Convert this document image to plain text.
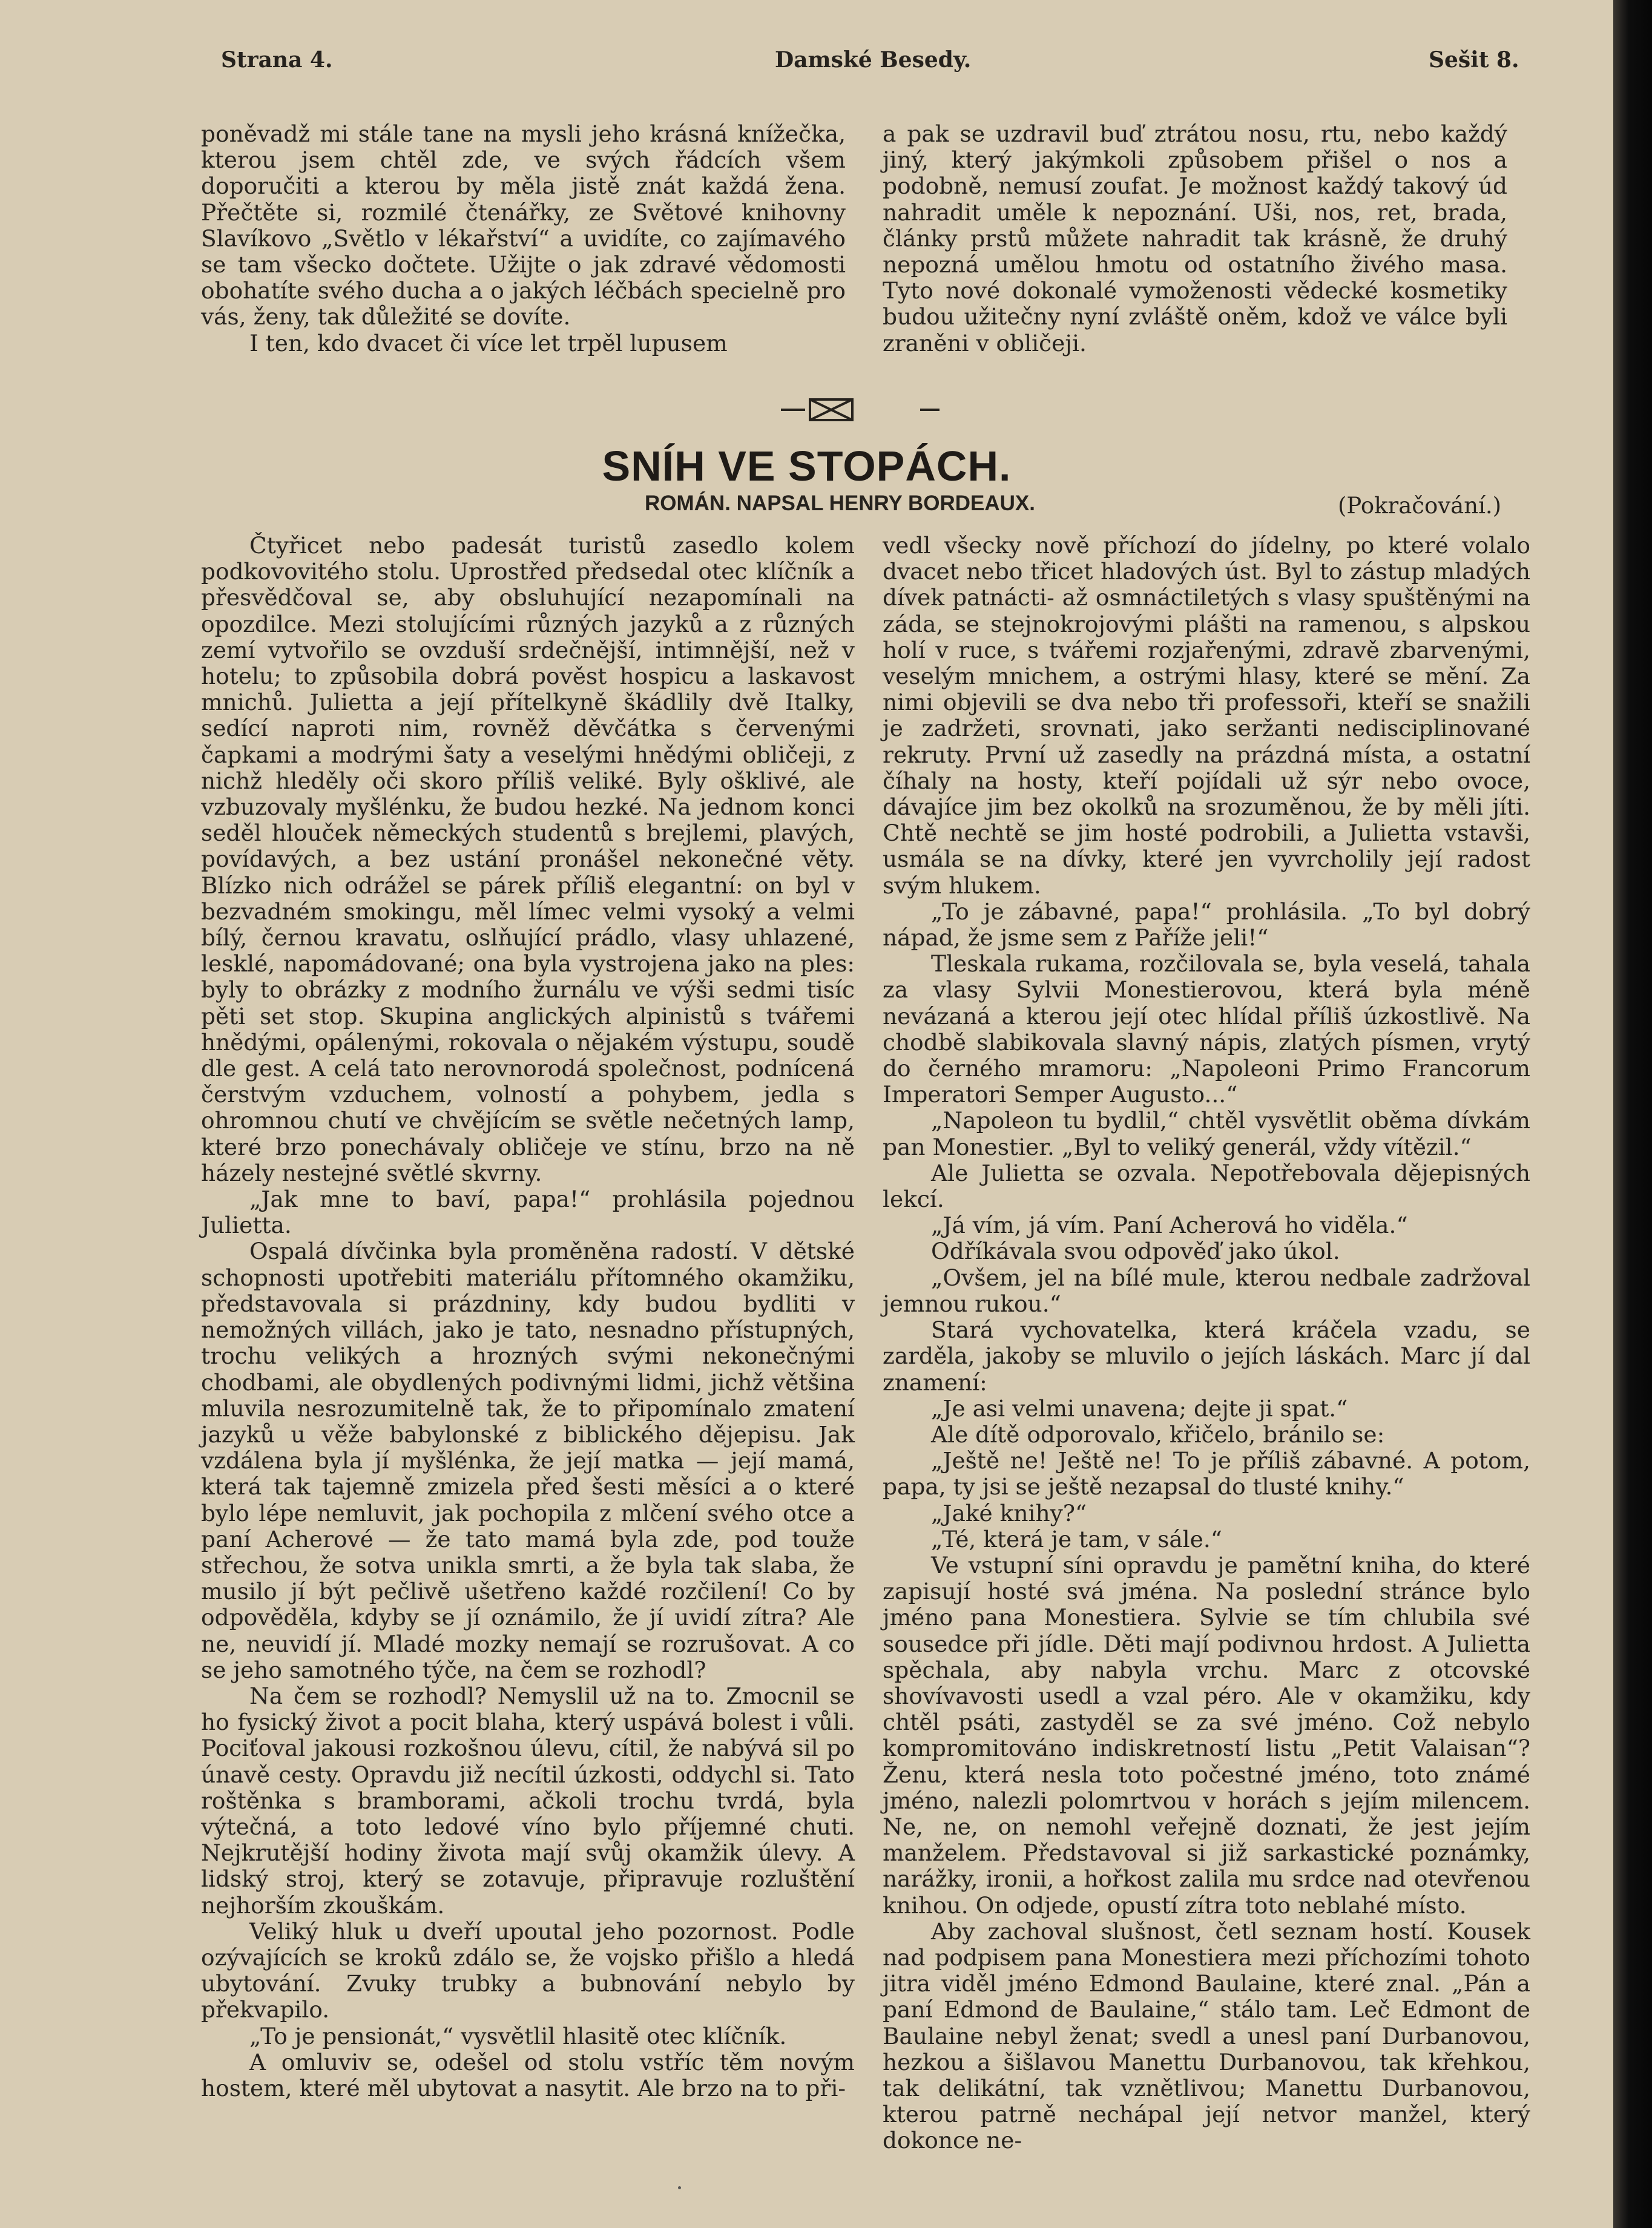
Strana 4.	Damské Besedy.	Sešit 8.

poněvadž mi stále tane na mysli jeho krásná knížečka, kterou jsem chtěl zde, ve svých řádcích všem doporučiti a kterou by měla jistě znát každá žena. Přečtěte si, rozmilé čtenářky, ze Světové knihovny Slavíkovo „Světlo v lékařství“ a uvidíte, co zajímavého se tam všecko dočtete. Užijte o jak zdravé vědomosti obohatíte svého ducha a o jakých léčbách specielně pro vás, ženy, tak důležité se dovíte.

I ten, kdo dvacet či více let trpěl lupusem

a pak se uzdravil buď ztrátou nosu, rtu, nebo každý jiný, který jakýmkoli způsobem přišel o nos a podobně, nemusí zoufat. Je možnost každý takový úd nahradit uměle k nepoznání. Uši, nos, ret, brada, články prstů můžete nahradit tak krásně, že druhý nepozná umělou hmotu od ostatního živého masa. Tyto nové dokonalé vymoženosti vědecké kosmetiky budou užitečny nyní zvláště oněm, kdož ve válce byli zraněni v obličeji.

SNÍH VE STOPÁCH.
ROMÁN. NAPSAL HENRY BORDEAUX.	(Pokračování.)

Čtyřicet nebo padesát turistů zasedlo kolem podkovovitého stolu. Uprostřed předsedal otec klíčník a přesvědčoval se, aby obsluhující nezapomínali na opozdilce. Mezi stolujícími různých jazyků a z různých zemí vytvořilo se ovzduší srdečnější, intimnější, než v hotelu; to způsobila dobrá pověst hospicu a laskavost mnichů. Julietta a její přítelkyně škádlily dvě Italky, sedící naproti nim, rovněž děvčátka s červenými čapkami a modrými šaty a veselými hnědými obličeji, z nichž hleděly oči skoro příliš veliké. Byly ošklivé, ale vzbuzovaly myšlénku, že budou hezké. Na jednom konci seděl hlouček německých studentů s brejlemi, plavých, povídavých, a bez ustání pronášel nekonečné věty. Blízko nich odrážel se párek příliš elegantní: on byl v bezvadném smokingu, měl límec velmi vysoký a velmi bílý, černou kravatu, oslňující prádlo, vlasy uhlazené, lesklé, napomádované; ona byla vystrojena jako na ples: byly to obrázky z modního žurnálu ve výši sedmi tisíc pěti set stop. Skupina anglických alpinistů s tvářemi hnědými, opálenými, rokovala o nějakém výstupu, soudě dle gest. A celá tato nerovnorodá společnost, podnícená čerstvým vzduchem, volností a pohybem, jedla s ohromnou chutí ve chvějícím se světle nečetných lamp, které brzo ponechávaly obličeje ve stínu, brzo na ně házely nestejné světlé skvrny.

„Jak mne to baví, papa!“ prohlásila pojednou Julietta.

Ospalá dívčinka byla proměněna radostí. V dětské schopnosti upotřebiti materiálu přítomného okamžiku, představovala si prázdniny, kdy budou bydliti v nemožných villách, jako je tato, nesnadno přístupných, trochu velikých a hrozných svými nekonečnými chodbami, ale obydlených podivnými lidmi, jichž většina mluvila nesrozumitelně tak, že to připomínalo zmatení jazyků u věže babylonské z biblického dějepisu. Jak vzdálena byla jí myšlénka, že její matka — její mamá, která tak tajemně zmizela před šesti měsíci a o které bylo lépe nemluvit, jak pochopila z mlčení svého otce a paní Acherové — že tato mamá byla zde, pod touže střechou, že sotva unikla smrti, a že byla tak slaba, že musilo jí být pečlivě ušetřeno každé rozčilení! Co by odpověděla, kdyby se jí oznámilo, že jí uvidí zítra? Ale ne, neuvidí jí. Mladé mozky nemají se rozrušovat. A co se jeho samotného týče, na čem se rozhodl?

Na čem se rozhodl? Nemyslil už na to. Zmocnil se ho fysický život a pocit blaha, který uspává bolest i vůli. Pociťoval jakousi rozkošnou úlevu, cítil, že nabývá sil po únavě cesty. Opravdu již necítil úzkosti, oddychl si. Tato roštěnka s bramborami, ačkoli trochu tvrdá, byla výtečná, a toto ledové víno bylo příjemné chuti. Nejkrutější hodiny života mají svůj okamžik úlevy. A lidský stroj, který se zotavuje, připravuje rozluštění nejhorším zkouškám.

Veliký hluk u dveří upoutal jeho pozornost. Podle ozývajících se kroků zdálo se, že vojsko přišlo a hledá ubytování. Zvuky trubky a bubnování nebylo by překvapilo.

„To je pensionát,“ vysvětlil hlasitě otec klíčník.

A omluviv se, odešel od stolu vstříc těm novým hostem, které měl ubytovat a nasytit. Ale brzo na to při-

vedl všecky nově příchozí do jídelny, po které volalo dvacet nebo třicet hladových úst. Byl to zástup mladých dívek patnácti- až osmnáctiletých s vlasy spuštěnými na záda, se stejnokrojovými plášti na ramenou, s alpskou holí v ruce, s tvářemi rozjařenými, zdravě zbarvenými, veselým mnichem, a ostrými hlasy, které se mění. Za nimi objevili se dva nebo tři professoři, kteří se snažili je zadržeti, srovnati, jako seržanti nedisciplinované rekruty. První už zasedly na prázdná místa, a ostatní číhaly na hosty, kteří pojídali už sýr nebo ovoce, dávajíce jim bez okolků na srozuměnou, že by měli jíti. Chtě nechtě se jim hosté podrobili, a Julietta vstavši, usmála se na dívky, které jen vyvrcholily její radost svým hlukem.

„To je zábavné, papa!“ prohlásila. „To byl dobrý nápad, že jsme sem z Paříže jeli!“

Tleskala rukama, rozčilovala se, byla veselá, tahala za vlasy Sylvii Monestierovou, která byla méně nevázaná a kterou její otec hlídal příliš úzkostlivě. Na chodbě slabikovala slavný nápis, zlatých písmen, vrytý do černého mramoru: „Napoleoni Primo Francorum Imperatori Semper Augusto...“

„Napoleon tu bydlil,“ chtěl vysvětlit oběma dívkám pan Monestier. „Byl to veliký generál, vždy vítězil.“

Ale Julietta se ozvala. Nepotřebovala dějepisných lekcí.

„Já vím, já vím. Paní Acherová ho viděla.“

Odříkávala svou odpověď jako úkol.

„Ovšem, jel na bílé mule, kterou nedbale zadržoval jemnou rukou.“

Stará vychovatelka, která kráčela vzadu, se zarděla, jakoby se mluvilo o jejích láskách. Marc jí dal znamení:

„Je asi velmi unavena; dejte ji spat.“

Ale dítě odporovalo, křičelo, bránilo se:

„Ještě ne! Ještě ne! To je příliš zábavné. A potom, papa, ty jsi se ještě nezapsal do tlusté knihy.“

„Jaké knihy?“

„Té, která je tam, v sále.“

Ve vstupní síni opravdu je pamětní kniha, do které zapisují hosté svá jména. Na poslední stránce bylo jméno pana Monestiera. Sylvie se tím chlubila své sousedce při jídle. Děti mají podivnou hrdost. A Julietta spěchala, aby nabyla vrchu. Marc z otcovské shovívavosti usedl a vzal péro. Ale v okamžiku, kdy chtěl psáti, zastyděl se za své jméno. Což nebylo kompromitováno indiskretností listu „Petit Valaisan“? Ženu, která nesla toto počestné jméno, toto známé jméno, nalezli polomrtvou v horách s jejím milencem. Ne, ne, on nemohl veřejně doznati, že jest jejím manželem. Představoval si již sarkastické poznámky, narážky, ironii, a hořkost zalila mu srdce nad otevřenou knihou. On odjede, opustí zítra toto neblahé místo.

Aby zachoval slušnost, četl seznam hostí. Kousek nad podpisem pana Monestiera mezi příchozími tohoto jitra viděl jméno Edmond Baulaine, které znal. „Pán a paní Edmond de Baulaine,“ stálo tam. Leč Edmont de Baulaine nebyl ženat; svedl a unesl paní Durbanovou, hezkou a šišlavou Manettu Durbanovou, tak křehkou, tak delikátní, tak vznětlivou; Manettu Durbanovou, kterou patrně nechápal její netvor manžel, který dokonce ne-
